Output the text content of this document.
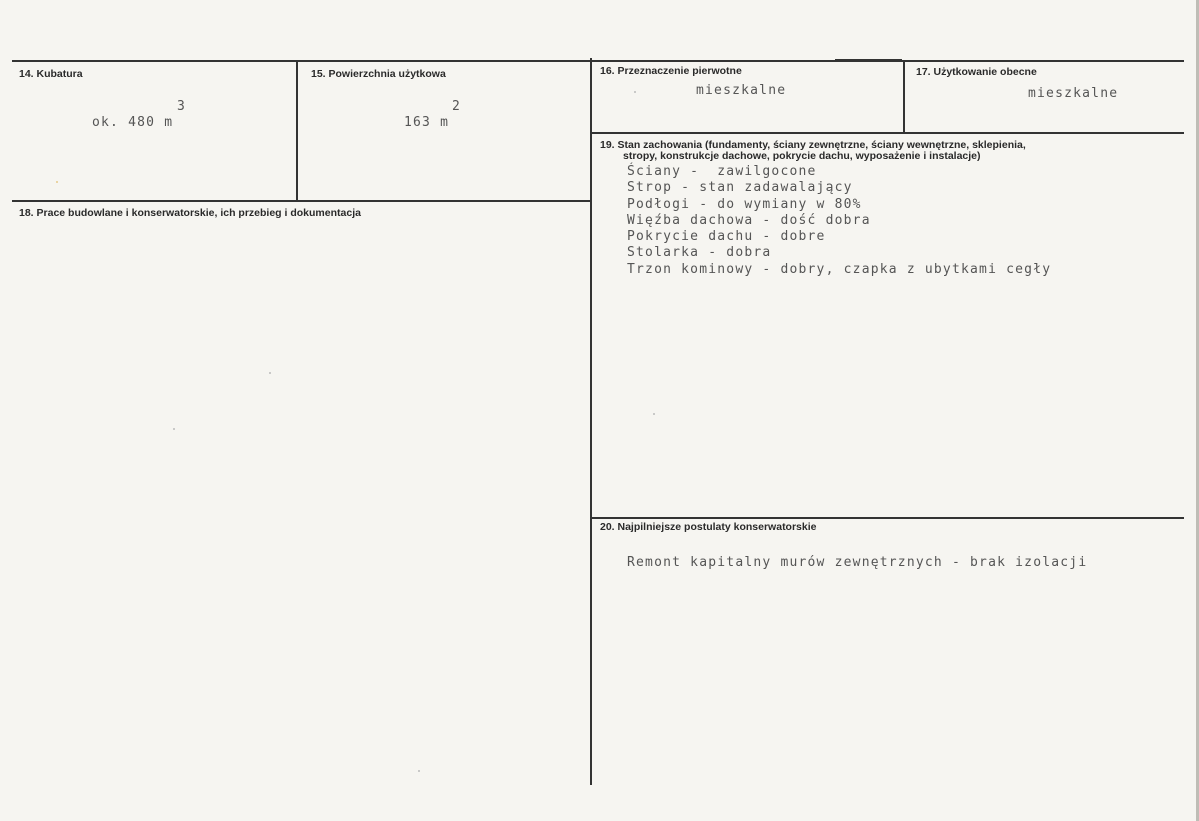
14. Kubatura
3
ok. 480 m
15. Powierzchnia użytkowa
2
163 m
16. Przeznaczenie pierwotne
mieszkalne
17. Użytkowanie obecne
mieszkalne
18. Prace budowlane i konserwatorskie, ich przebieg i dokumentacja
19. Stan zachowania (fundamenty, ściany zewnętrzne, ściany wewnętrzne, sklepienia,
stropy, konstrukcje dachowe, pokrycie dachu, wyposażenie i instalacje)
Ściany -  zawilgocone
Strop - stan zadawalający
Podłogi - do wymiany w 80%
Więźba dachowa - dość dobra
Pokrycie dachu - dobre
Stolarka - dobra
Trzon kominowy - dobry, czapka z ubytkami cegły
20. Najpilniejsze postulaty konserwatorskie
Remont kapitalny murów zewnętrznych - brak izolacji
